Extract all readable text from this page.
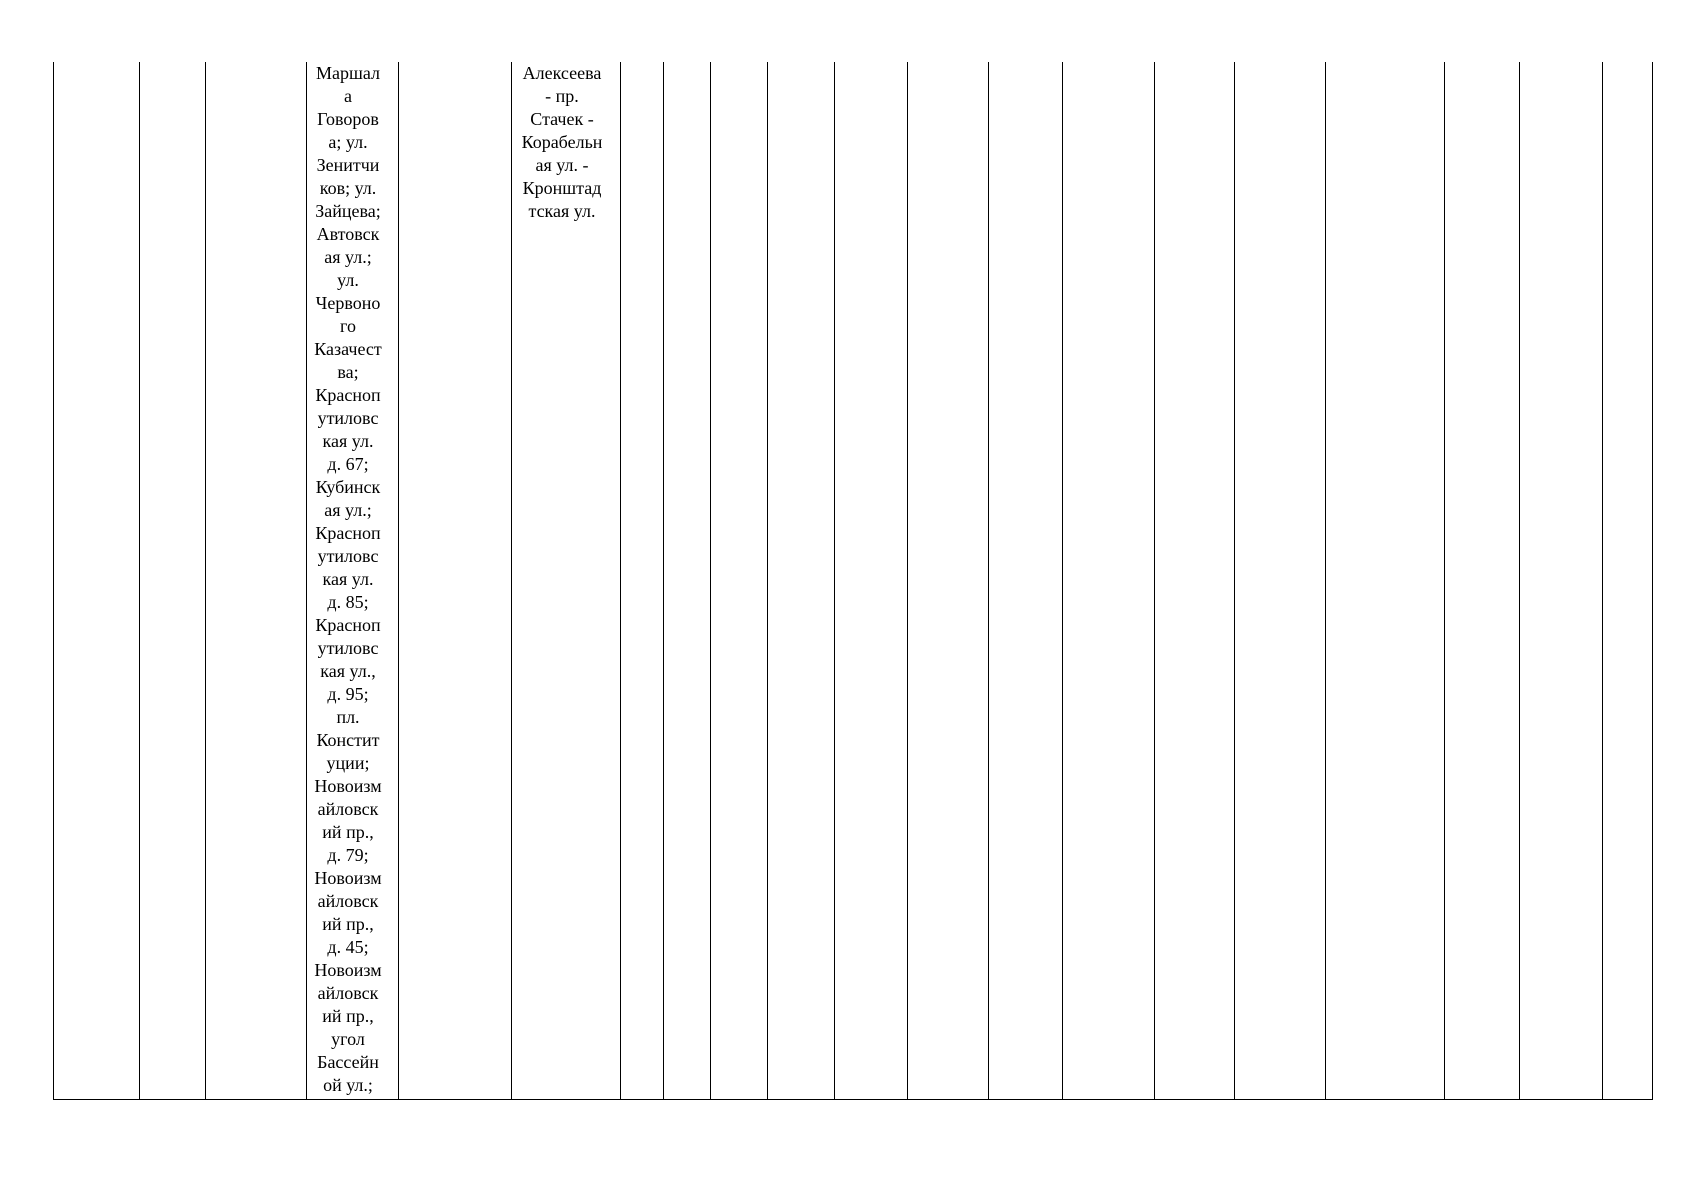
Маршал
а
Говоров
а; ул.
Зенитчи
ков; ул.
Зайцева;
Автовск
ая ул.;
ул.
Червоно
го
Казачест
ва;
Красноп
утиловс
кая ул.
д. 67;
Кубинск
ая ул.;
Красноп
утиловс
кая ул.
д. 85;
Красноп
утиловс
кая ул.,
д. 95;
пл.
Констит
уции;
Новоизм
айловск
ий пр.,
д. 79;
Новоизм
айловск
ий пр.,
д. 45;
Новоизм
айловск
ий пр.,
угол
Бассейн
ой ул.;

Алексеева
- пр.
Стачек -
Корабельн
ая ул. -
Кронштад
тская ул.
